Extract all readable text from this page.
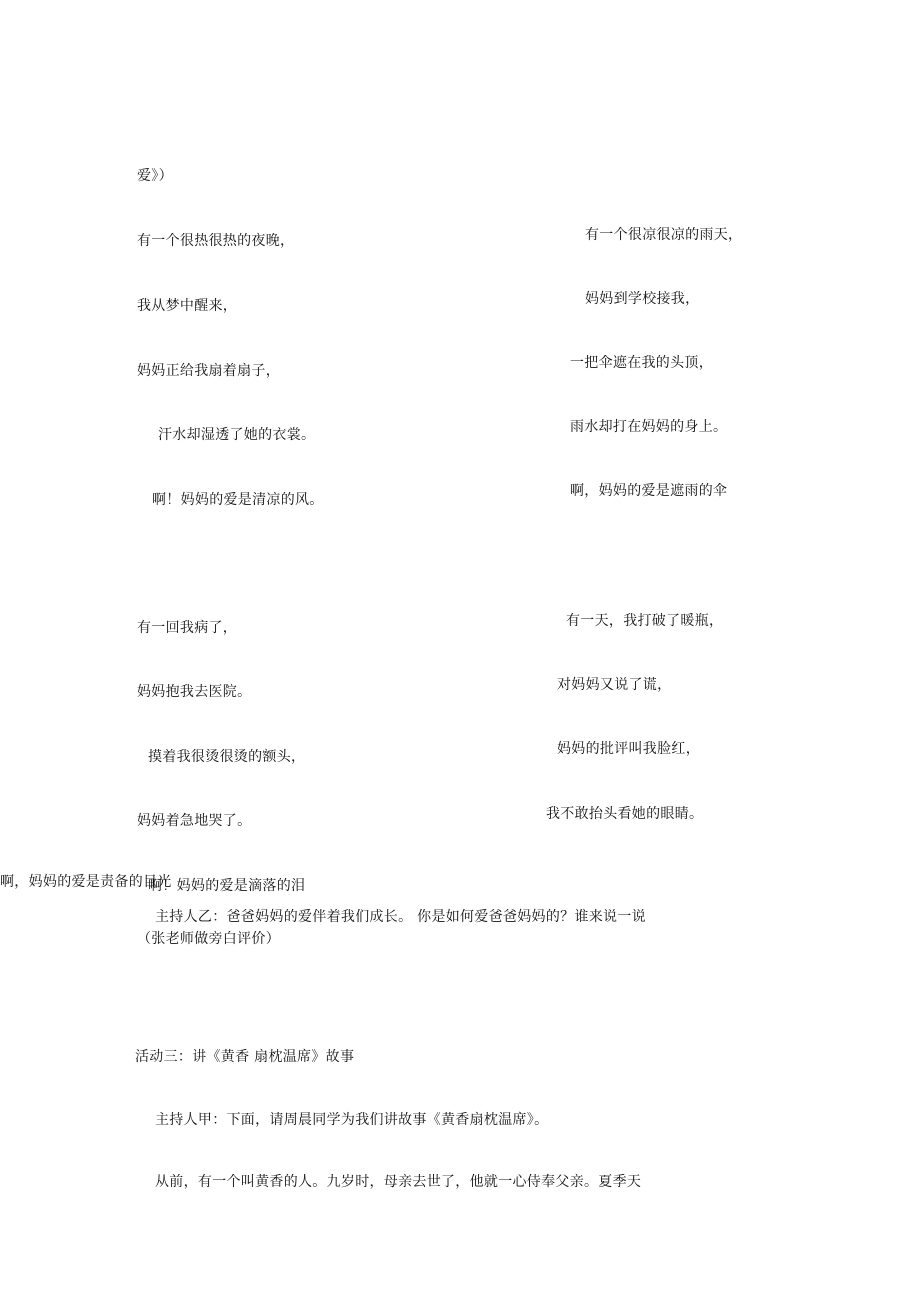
爱》）
有一个很热很热的夜晚，
我从梦中醒来，
妈妈正给我扇着扇子，
汗水却湿透了她的衣裳。
啊！妈妈的爱是清凉的风。
有一个很凉很凉的雨天，
妈妈到学校接我，
一把伞遮在我的头顶，
雨水却打在妈妈的身上。
啊，妈妈的爱是遮雨的伞
有一回我病了，
妈妈抱我去医院。
摸着我很烫很烫的额头，
妈妈着急地哭了。
有一天，我打破了暖瓶，
对妈妈又说了谎，
妈妈的批评叫我脸红，
我不敢抬头看她的眼睛。
啊，妈妈的爱是责备的目光
啊！妈妈的爱是滴落的泪
主持人乙：爸爸妈妈的爱伴着我们成长。 你是如何爱爸爸妈妈的？谁来说一说
（张老师做旁白评价）
活动三：讲《黄香 扇枕温席》故事
主持人甲：下面，请周晨同学为我们讲故事《黄香扇枕温席》。
从前，有一个叫黄香的人。九岁时，母亲去世了，他就一心侍奉父亲。夏季天
